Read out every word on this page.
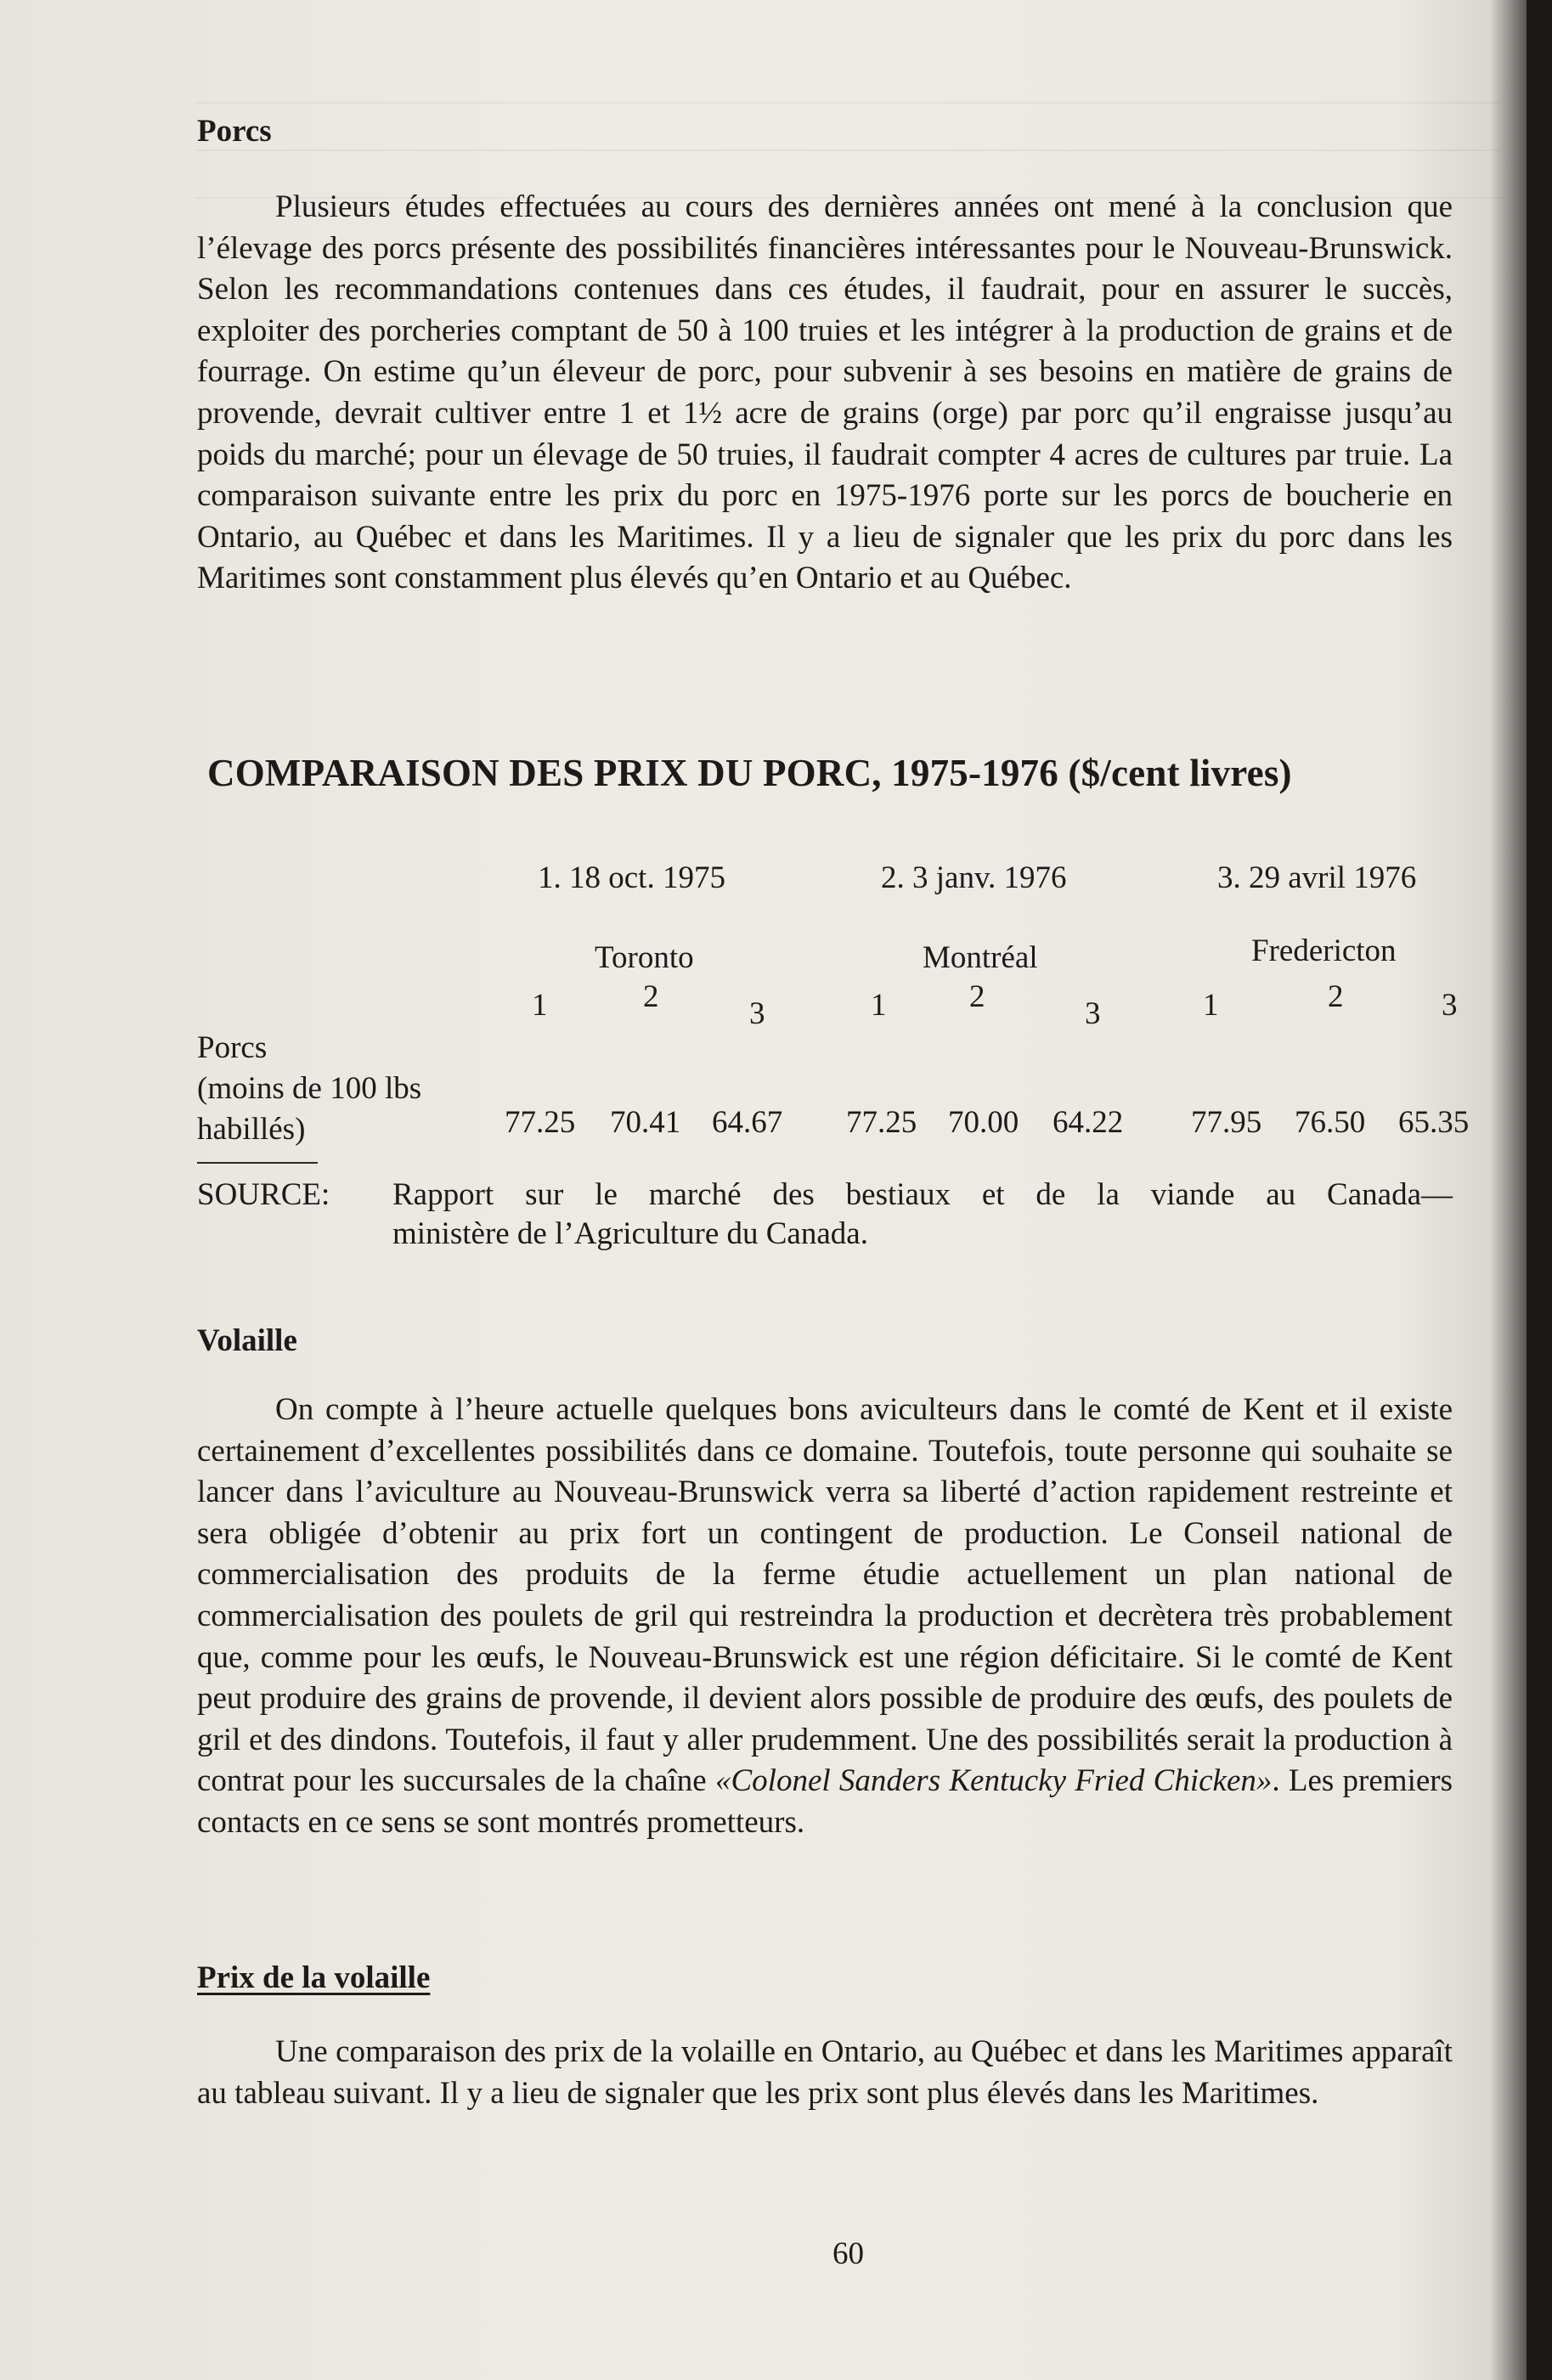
Porcs

Plusieurs études effectuées au cours des dernières années ont mené à la conclusion que l’élevage des porcs présente des possibilités financières intéressantes pour le Nouveau-Brunswick. Selon les recommandations contenues dans ces études, il faudrait, pour en assurer le succès, exploiter des porcheries comptant de 50 à 100 truies et les intégrer à la production de grains et de fourrage. On estime qu’un éleveur de porc, pour subvenir à ses besoins en matière de grains de provende, devrait cultiver entre 1 et 1½ acre de grains (orge) par porc qu’il engraisse jusqu’au poids du marché; pour un élevage de 50 truies, il faudrait compter 4 acres de cultures par truie. La comparaison suivante entre les prix du porc en 1975-1976 porte sur les porcs de boucherie en Ontario, au Québec et dans les Maritimes. Il y a lieu de signaler que les prix du porc dans les Maritimes sont constamment plus élevés qu’en Ontario et au Québec.

COMPARAISON DES PRIX DU PORC, 1975-1976 ($/cent livres)
1. 18 oct. 1975	2. 3 janv. 1976	3. 29 avril 1976
Toronto	Montréal	Fredericton
1	2	3	1	2	3	1	2	3
Porcs
(moins de 100 lbs
habillés)	77.25 70.41 64.67 77.25 70.00 64.22 77.95 76.50 65.35
SOURCE:	Rapport sur le marché des bestiaux et de la viande au Canada—
ministère de l’Agriculture du Canada.
Volaille

On compte à l’heure actuelle quelques bons aviculteurs dans le comté de Kent et il existe certainement d’excellentes possibilités dans ce domaine. Toutefois, toute personne qui souhaite se lancer dans l’aviculture au Nouveau-Brunswick verra sa liberté d’action rapidement restreinte et sera obligée d’obtenir au prix fort un contingent de production. Le Conseil national de commercialisation des produits de la ferme étudie actuellement un plan national de commercialisation des poulets de gril qui restreindra la production et decrètera très probablement que, comme pour les œufs, le Nouveau-Brunswick est une région déficitaire. Si le comté de Kent peut produire des grains de provende, il devient alors possible de produire des œufs, des poulets de gril et des dindons. Toutefois, il faut y aller prudemment. Une des possibilités serait la production à contrat pour les succursales de la chaîne «Colonel Sanders Kentucky Fried Chicken». Les premiers contacts en ce sens se sont montrés prometteurs.

Prix de la volaille

Une comparaison des prix de la volaille en Ontario, au Québec et dans les Maritimes apparaît au tableau suivant. Il y a lieu de signaler que les prix sont plus élevés dans les Maritimes.

60
